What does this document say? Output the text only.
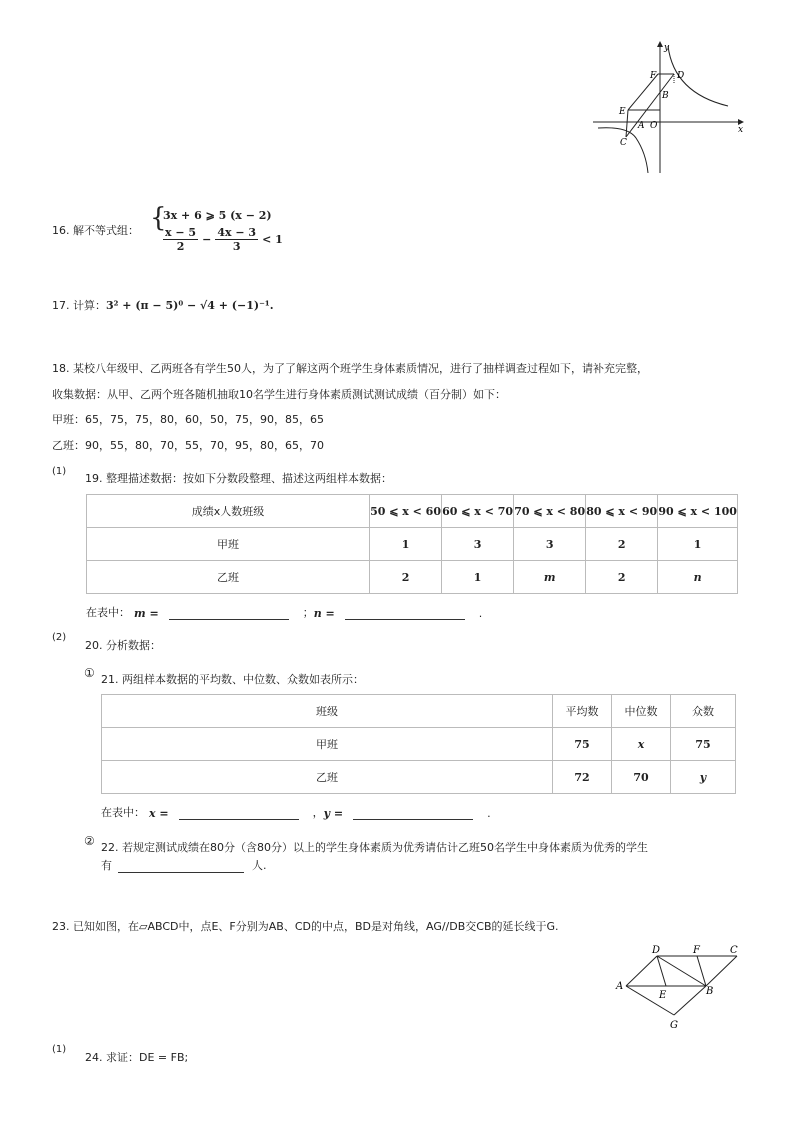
y
x
F D
B
E
A O
C
16. 解不等式组： {
3x + 6 ⩾ 5 (x − 2)
$\frac{x - 5}{2} - \frac{4x - 3}{3} < 1$
17. 计算：3² + (π − 5)⁰ − √4 + (−1)⁻¹.
18. 某校八年级甲、乙两班各有学生50人，为了了解这两个班学生身体素质情况，进行了抽样调查过程如下，请补充完整，
收集数据：从甲、乙两个班各随机抽取10名学生进行身体素质测试测试成绩（百分制）如下：
甲班：65，75，75，80，60，50，75，90，85，65
乙班：90，55，80，70，55，70，95，80，65，70
(1)
19. 整理描述数据：按如下分数段整理、描述这两组样本数据：
成绩x人数班级	50 ⩽ x < 60	60 ⩽ x < 70	70 ⩽ x < 80	80 ⩽ x < 90	90 ⩽ x < 100
甲班	1	3	3	2	1
乙班	2	1	m	2	n
在表中： m =	； n =	.
(2)
20. 分析数据：
① 21. 两组样本数据的平均数、中位数、众数如表所示：
班级	平均数	中位数	众数
甲班	75	x	75
乙班	72	70	y
在表中： x =	， y =	.
② 22. 若规定测试成绩在80分（含80分）以上的学生身体素质为优秀请估计乙班50名学生中身体素质为优秀的学生
有	人.
23. 已知如图，在▱ABCD中，点E、F分别为AB、CD的中点，BD是对角线，AG//DB交CB的延长线于G.
D	F	C
A
E	B
G
(1)
24. 求证：DE = FB;
